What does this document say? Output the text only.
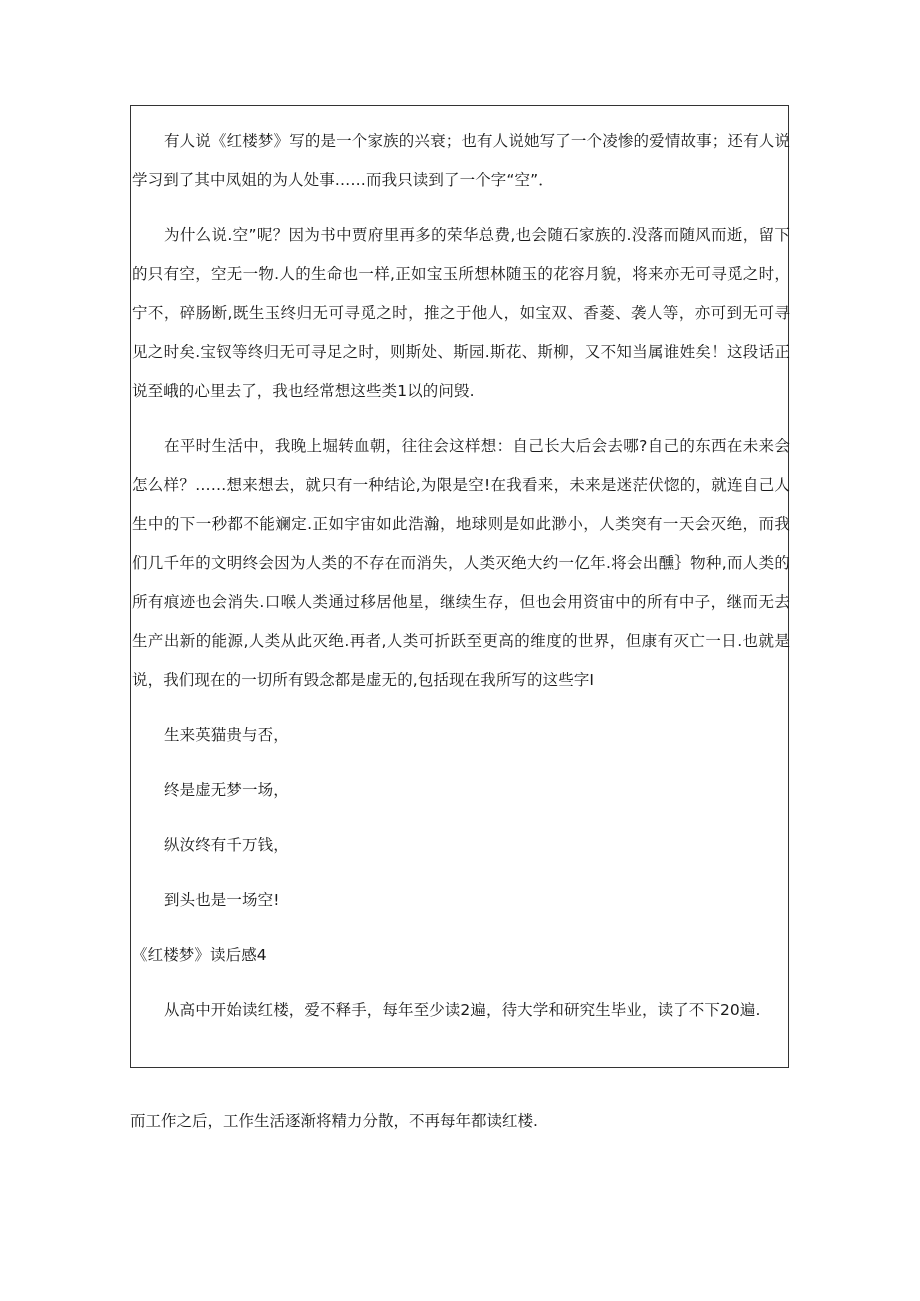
有人说《红楼梦》写的是一个家族的兴衰；也有人说她写了一个凌惨的爱情故事；还有人说学习到了其中凤姐的为人处事……而我只读到了一个字“空”．

为什么说.空”呢？因为书中贾府里再多的荣华总费,也会随石家族的.没落而随风而逝，留下的只有空，空无一物.人的生命也一样,正如宝玉所想林随玉的花容月貌，将来亦无可寻觅之时，宁不，碎肠断,既生玉终归无可寻觅之时，推之于他人，如宝双、香菱、袭人等，亦可到无可寻见之时矣.宝钗等终归无可寻足之时，则斯处、斯园.斯花、斯柳，又不知当属谁姓矣！这段话正说至峨的心里去了，我也经常想这些类1以的问毁.

在平时生活中，我晚上堀转血朝，往往会这样想：自己长大后会去哪?自己的东西在未来会怎么样？……想来想去，就只有一种结论,为限是空!在我看来，未来是迷茫伏惚的，就连自己人生中的下一秒都不能斓定.正如宇宙如此浩瀚，地球则是如此渺小，人类突有一天会灭绝，而我们几千年的文明终会因为人类的不存在而消失，人类灭绝大约一亿年.将会出醺｝物种,而人类的所有痕迹也会消失.口喉人类通过移居他星，继续生存，但也会用资宙中的所有中子，继而无去生产出新的能源,人类从此灭绝.再者,人类可折跃至更高的维度的世界，但康有灭亡一日.也就是说，我们现在的一切所有毁念都是虚无的,包括现在我所写的这些字I

生来英猫贵与否，
终是虚无梦一场，
纵汝终有千万钱，
到头也是一场空!
《红楼梦》读后感4

从高中开始读红楼，爱不释手，每年至少读2遍，待大学和研究生毕业，读了不下20遍.

而工作之后，工作生活逐渐将精力分散，不再每年都读红楼.
